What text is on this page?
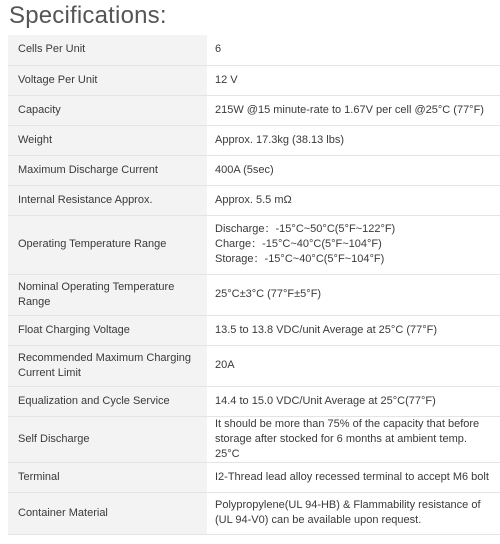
Specifications:
Cells Per Unit	6

Voltage Per Unit	12 V

Capacity	215W @15 minute-rate to 1.67V per cell @25°C (77°F)

Weight	Approx. 17.3kg (38.13 lbs)

Maximum Discharge Current	400A (5sec)

Internal Resistance Approx.	Approx. 5.5 mΩ

Operating Temperature Range	Discharge：-15°C~50°C(5°F~122°F)
Charge：-15°C~40°C(5°F~104°F)
Storage：-15°C~40°C(5°F~104°F)

Nominal Operating Temperature Range	25°C±3°C (77°F±5°F)

Float Charging Voltage	13.5 to 13.8 VDC/unit Average at 25°C (77°F)

Recommended Maximum Charging Current Limit	20A

Equalization and Cycle Service	14.4 to 15.0 VDC/Unit Average at 25°C(77°F)

Self Discharge	It should be more than 75% of the capacity that before storage after stocked for 6 months at ambient temp. 25°C

Terminal	I2-Thread lead alloy recessed terminal to accept M6 bolt

Container Material	Polypropylene(UL 94-HB) & Flammability resistance of (UL 94-V0) can be available upon request.
